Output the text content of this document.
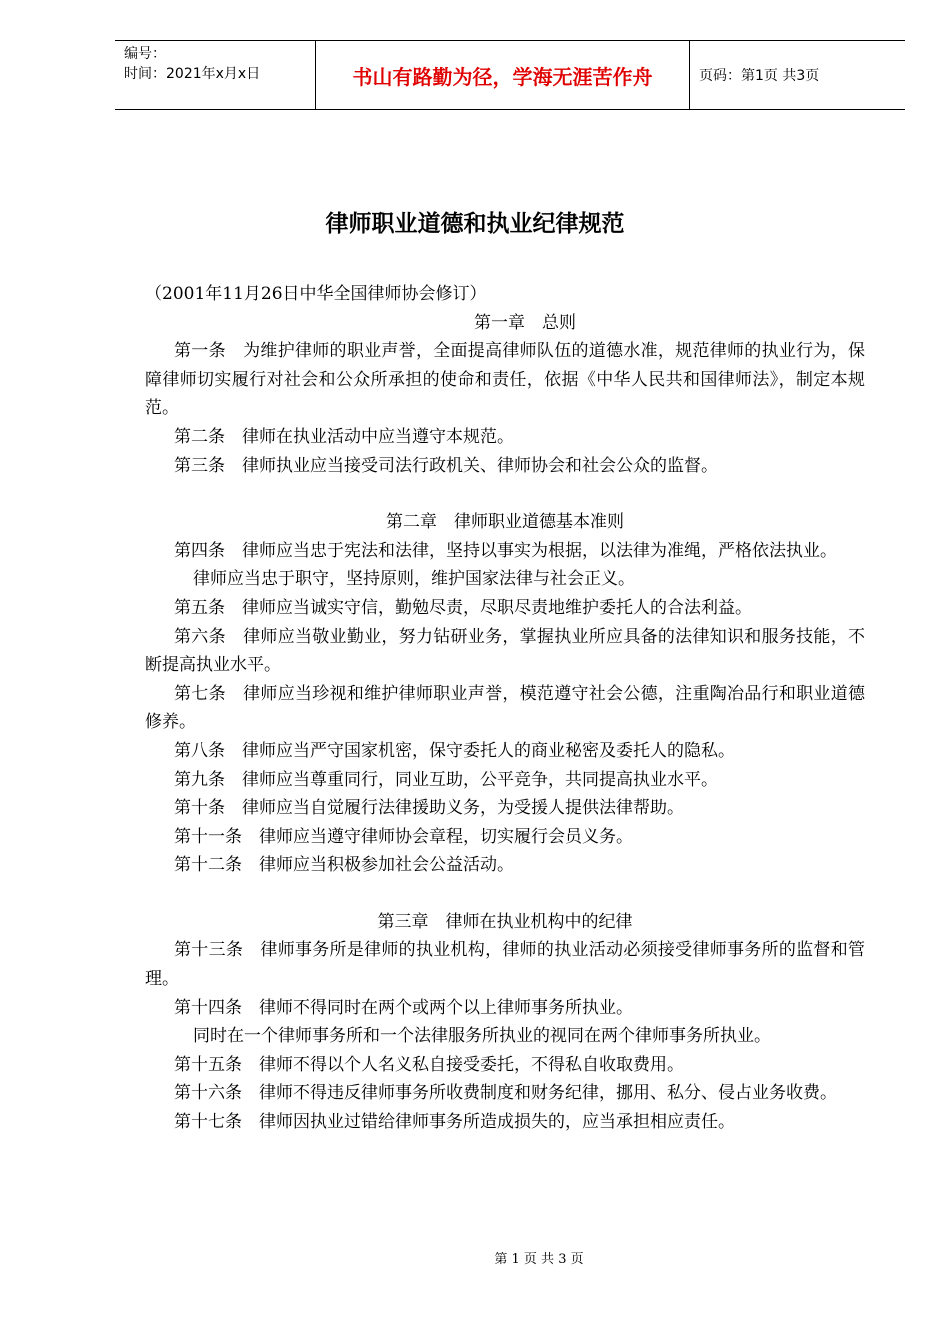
编号：
时间：2021年x月x日	书山有路勤为径，学海无涯苦作舟	页码：第1页 共3页
律师职业道德和执业纪律规范

（2001年11月26日中华全国律师协会修订）

第一章　总则

第一条　为维护律师的职业声誉，全面提高律师队伍的道德水准，规范律师的执业行为，保障律师切实履行对社会和公众所承担的使命和责任，依据《中华人民共和国律师法》，制定本规范。

第二条　律师在执业活动中应当遵守本规范。

第三条　律师执业应当接受司法行政机关、律师协会和社会公众的监督。

第二章　律师职业道德基本准则

第四条　律师应当忠于宪法和法律，坚持以事实为根据，以法律为准绳，严格依法执业。

律师应当忠于职守，坚持原则，维护国家法律与社会正义。

第五条　律师应当诚实守信，勤勉尽责，尽职尽责地维护委托人的合法利益。

第六条　律师应当敬业勤业，努力钻研业务，掌握执业所应具备的法律知识和服务技能，不断提高执业水平。

第七条　律师应当珍视和维护律师职业声誉，模范遵守社会公德，注重陶冶品行和职业道德修养。

第八条　律师应当严守国家机密，保守委托人的商业秘密及委托人的隐私。

第九条　律师应当尊重同行，同业互助，公平竞争，共同提高执业水平。

第十条　律师应当自觉履行法律援助义务，为受援人提供法律帮助。

第十一条　律师应当遵守律师协会章程，切实履行会员义务。

第十二条　律师应当积极参加社会公益活动。

第三章　律师在执业机构中的纪律

第十三条　律师事务所是律师的执业机构，律师的执业活动必须接受律师事务所的监督和管理。

第十四条　律师不得同时在两个或两个以上律师事务所执业。

同时在一个律师事务所和一个法律服务所执业的视同在两个律师事务所执业。

第十五条　律师不得以个人名义私自接受委托，不得私自收取费用。

第十六条　律师不得违反律师事务所收费制度和财务纪律，挪用、私分、侵占业务收费。

第十七条　律师因执业过错给律师事务所造成损失的，应当承担相应责任。

第 1 页 共 3 页
